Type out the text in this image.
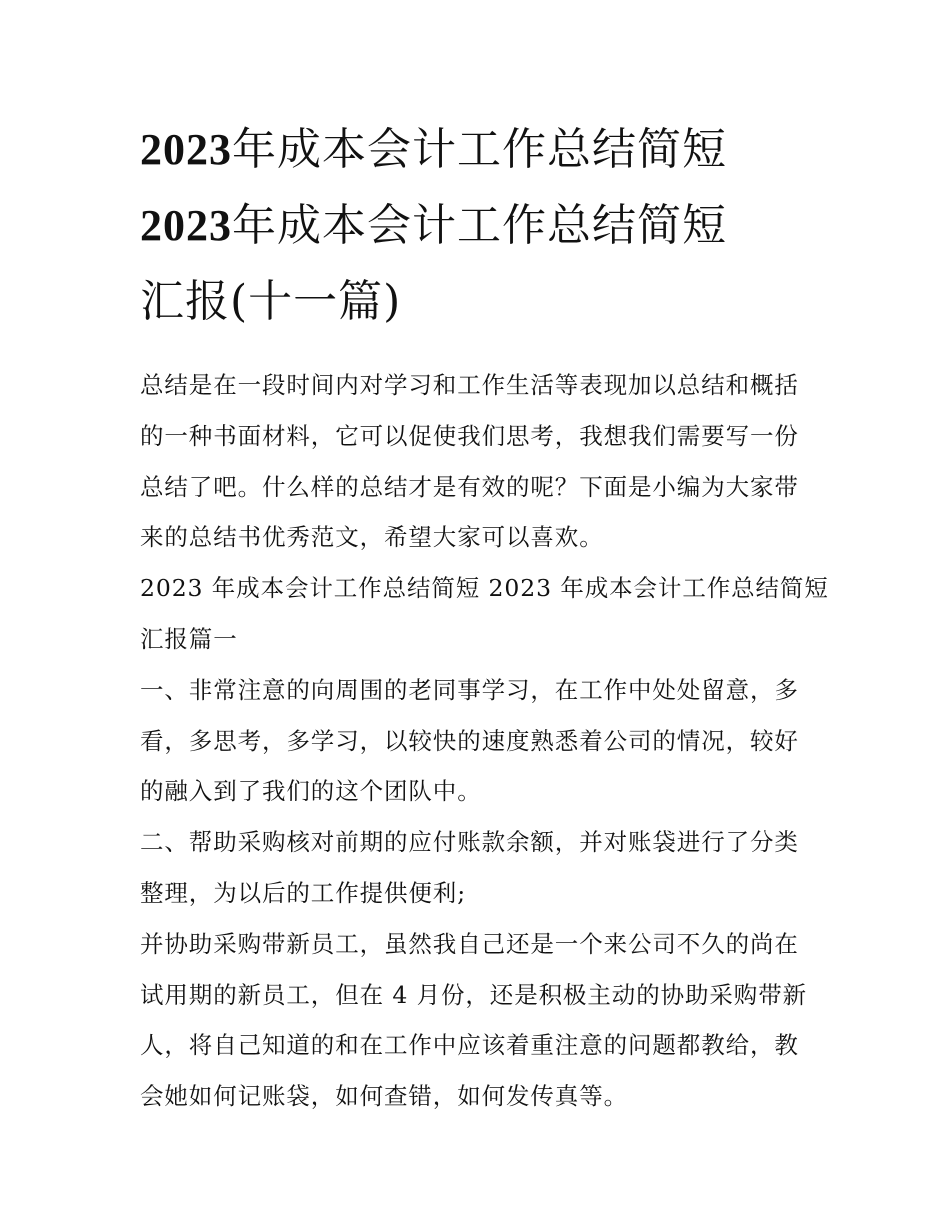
2023年成本会计工作总结简短
2023年成本会计工作总结简短
汇报(十一篇)

总结是在一段时间内对学习和工作生活等表现加以总结和概括
的一种书面材料，它可以促使我们思考，我想我们需要写一份
总结了吧。什么样的总结才是有效的呢？下面是小编为大家带
来的总结书优秀范文，希望大家可以喜欢。

2023 年成本会计工作总结简短 2023 年成本会计工作总结简短
汇报篇一

一、非常注意的向周围的老同事学习，在工作中处处留意，多
看，多思考，多学习，以较快的速度熟悉着公司的情况，较好
的融入到了我们的这个团队中。

二、帮助采购核对前期的应付账款余额，并对账袋进行了分类
整理，为以后的工作提供便利;

并协助采购带新员工，虽然我自己还是一个来公司不久的尚在
试用期的新员工，但在 4 月份，还是积极主动的协助采购带新
人，将自己知道的和在工作中应该着重注意的问题都教给，教
会她如何记账袋，如何查错，如何发传真等。
